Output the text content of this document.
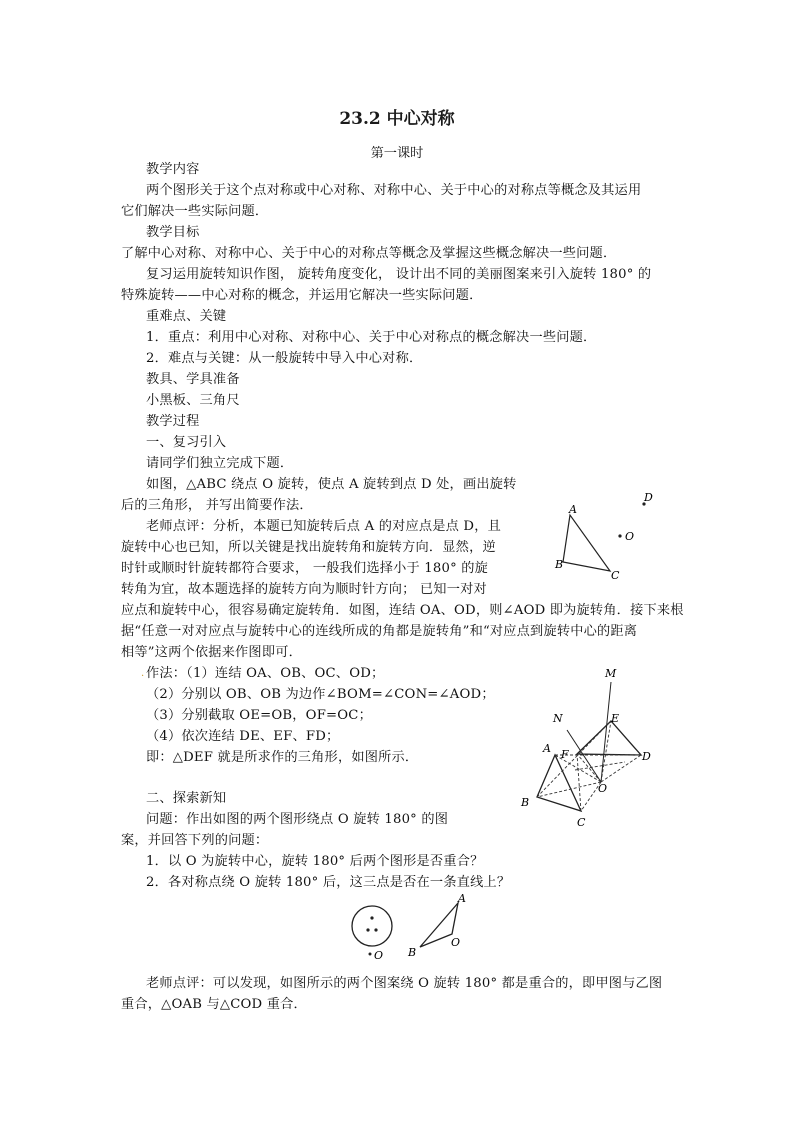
23.2 中心对称
第一课时
教学内容
两个图形关于这个点对称或中心对称、对称中心、关于中心的对称点等概念及其运用
它们解决一些实际问题．
教学目标
了解中心对称、对称中心、关于中心的对称点等概念及掌握这些概念解决一些问题．
复习运用旋转知识作图， 旋转角度变化， 设计出不同的美丽图案来引入旋转 180° 的
特殊旋转——中心对称的概念，并运用它解决一些实际问题．
重难点、关键
1．重点：利用中心对称、对称中心、关于中心对称点的概念解决一些问题．
2．难点与关键：从一般旋转中导入中心对称．
教具、学具准备
小黑板、三角尺
教学过程
一、复习引入
请同学们独立完成下题．
如图，△ABC 绕点 O 旋转，使点 A 旋转到点 D 处，画出旋转
后的三角形， 并写出简要作法．
老师点评：分析，本题已知旋转后点 A 的对应点是点 D，且
旋转中心也已知，所以关键是找出旋转角和旋转方向．显然，逆
时针或顺时针旋转都符合要求， 一般我们选择小于 180° 的旋
转角为宜，故本题选择的旋转方向为顺时针方向； 已知一对对
应点和旋转中心，很容易确定旋转角．如图，连结 OA、OD，则∠AOD 即为旋转角．接下来根
据“任意一对对应点与旋转中心的连线所成的角都是旋转角”和“对应点到旋转中心的距离
相等”这两个依据来作图即可．
作法：（1）连结 OA、OB、OC、OD；
（2）分别以 OB、OB 为边作∠BOM=∠CON=∠AOD；
（3）分别截取 OE=OB，OF=OC；
（4）依次连结 DE、EF、FD；
即：△DEF 就是所求作的三角形，如图所示．
二、探索新知
问题：作出如图的两个图形绕点 O 旋转 180° 的图
案，并回答下列的问题：
1．以 O 为旋转中心，旋转 180° 后两个图形是否重合？
2．各对称点绕 O 旋转 180° 后，这三点是否在一条直线上？
老师点评：可以发现，如图所示的两个图案绕 O 旋转 180° 都是重合的，即甲图与乙图
重合，△OAB 与△COD 重合．
.
A
B
C
O
D
M
N	E
A F	D
O
B
C
O
A
B
O
